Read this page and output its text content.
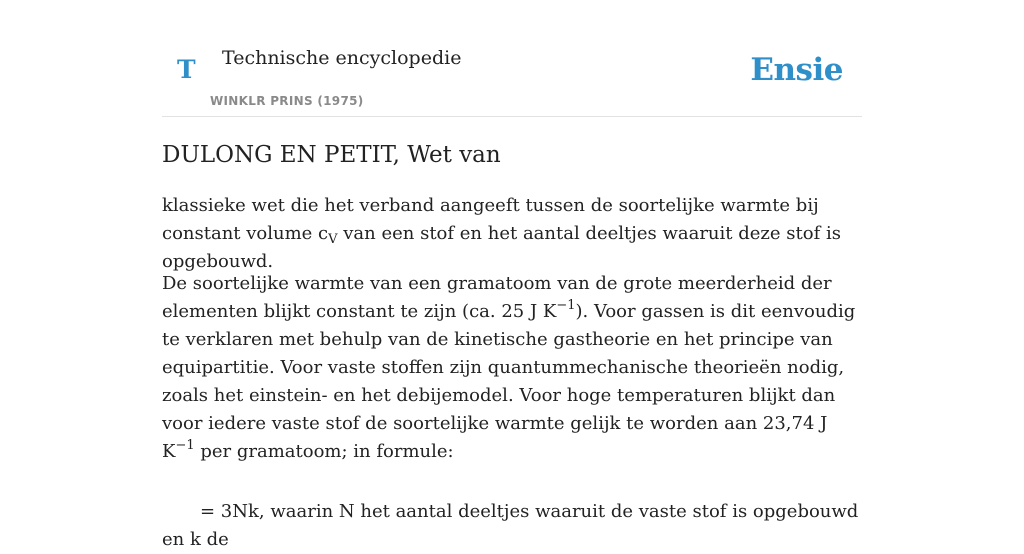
T Technische encyclopedie
WINKLR PRINS (1975)
Ensie
DULONG EN PETIT, Wet van

klassieke wet die het verband aangeeft tussen de soortelijke warmte bij constant volume $c_V$ van een stof en het aantal deeltjes waaruit deze stof is opgebouwd.

De soortelijke warmte van een gramatoom van de grote meerderheid der elementen blijkt constant te zijn (ca. 25 J $K^{-1}$). Voor gassen is dit eenvoudig te verklaren met behulp van de kinetische gastheorie en het principe van equipartitie. Voor vaste stoffen zijn quantummechanische theorieën nodig, zoals het einstein- en het debijemodel. Voor hoge temperaturen blijkt dan voor iedere vaste stof de soortelijke warmte gelijk te worden aan 23,74 J $K^{-1}$ per gramatoom; in formule:

= 3Nk, waarin N het aantal deeltjes waaruit de vaste stof is opgebouwd en k de
